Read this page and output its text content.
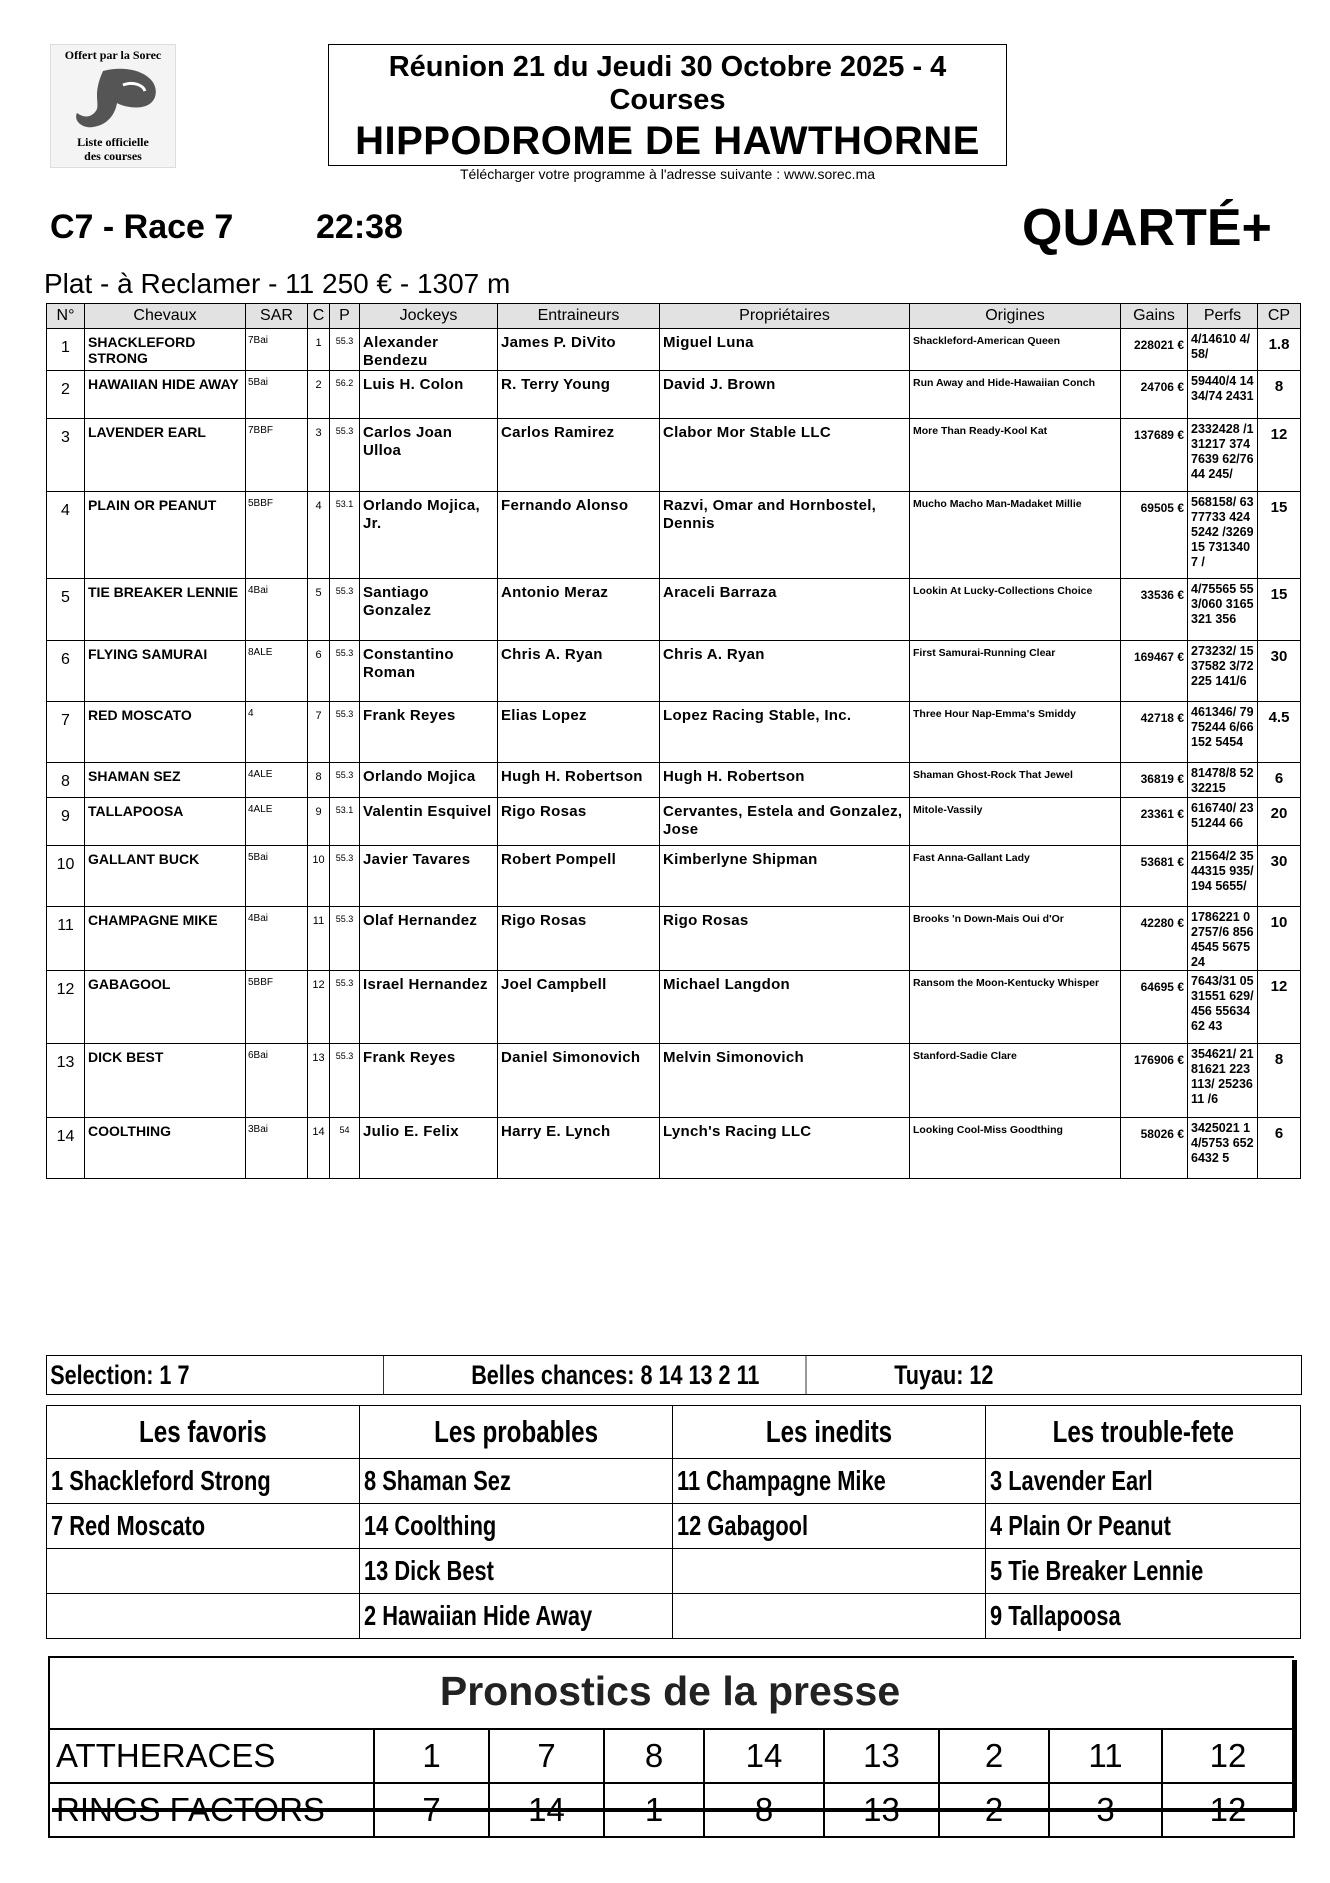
Offert par la Sorec
Liste officielle
des courses
Réunion 21 du Jeudi 30 Octobre 2025 - 4 Courses
HIPPODROME DE HAWTHORNE
Télécharger votre programme à l'adresse suivante : www.sorec.ma
C7 - Race 7 22:38	QUARTÉ+
Plat - à Reclamer - 11 250 € - 1307 m
N°	Chevaux	SAR	C	P	Jockeys	Entraineurs	Propriétaires	Origines	Gains	Perfs	CP
1	SHACKLEFORD STRONG	7Bai	1	55.3	Alexander Bendezu	James P. DiVito	Miguel Luna	Shackleford-American Queen	228021 €	4/14610 4/58/	1.8
2	HAWAIIAN HIDE AWAY	5Bai	2	56.2	Luis H. Colon	R. Terry Young	David J. Brown	Run Away and Hide-Hawaiian Conch	24706 €	59440/4 1434/74 2431	8
3	LAVENDER EARL	7BBF	3	55.3	Carlos Joan Ulloa	Carlos Ramirez	Clabor Mor Stable LLC	More Than Ready-Kool Kat	137689 €	2332428 /131217 3747639 62/7644 245/	12
4	PLAIN OR PEANUT	5BBF	4	53.1	Orlando Mojica, Jr.	Fernando Alonso	Razvi, Omar and Hornbostel, Dennis	Mucho Macho Man-Madaket Millie	69505 €	568158/ 6377733 4245242 /326915 7313407 /	15
5	TIE BREAKER LENNIE	4Bai	5	55.3	Santiago Gonzalez	Antonio Meraz	Araceli Barraza	Lookin At Lucky-Collections Choice	33536 €	4/75565 553/060 3165321 356	15
6	FLYING SAMURAI	8ALE	6	55.3	Constantino Roman	Chris A. Ryan	Chris A. Ryan	First Samurai-Running Clear	169467 €	273232/ 1537582 3/72225 141/6	30
7	RED MOSCATO	4	7	55.3	Frank Reyes	Elias Lopez	Lopez Racing Stable, Inc.	Three Hour Nap-Emma's Smiddy	42718 €	461346/ 7975244 6/66152 5454	4.5
8	SHAMAN SEZ	4ALE	8	55.3	Orlando Mojica	Hugh H. Robertson	Hugh H. Robertson	Shaman Ghost-Rock That Jewel	36819 €	81478/8 5232215	6
9	TALLAPOOSA	4ALE	9	53.1	Valentin Esquivel	Rigo Rosas	Cervantes, Estela and Gonzalez, Jose	Mitole-Vassily	23361 €	616740/ 2351244 66	20
10	GALLANT BUCK	5Bai	10	55.3	Javier Tavares	Robert Pompell	Kimberlyne Shipman	Fast Anna-Gallant Lady	53681 €	21564/2 3544315 935/194 5655/	30
11	CHAMPAGNE MIKE	4Bai	11	55.3	Olaf Hernandez	Rigo Rosas	Rigo Rosas	Brooks 'n Down-Mais Oui d'Or	42280 €	1786221 02757/6 8564545 567524	10
12	GABAGOOL	5BBF	12	55.3	Israel Hernandez	Joel Campbell	Michael Langdon	Ransom the Moon-Kentucky Whisper	64695 €	7643/31 0531551 629/456 5563462 43	12
13	DICK BEST	6Bai	13	55.3	Frank Reyes	Daniel Simonovich	Melvin Simonovich	Stanford-Sadie Clare	176906 €	354621/ 2181621 223113/ 2523611 /6	8
14	COOLTHING	3Bai	14	54	Julio E. Felix	Harry E. Lynch	Lynch's Racing LLC	Looking Cool-Miss Goodthing	58026 €	3425021 14/5753 6526432 5	6
Selection: 1 7	Belles chances: 8 14 13 2 11	Tuyau: 12
Les favoris	Les probables	Les inedits	Les trouble-fete
1 Shackleford Strong	8 Shaman Sez	11 Champagne Mike	3 Lavender Earl
7 Red Moscato	14 Coolthing	12 Gabagool	4 Plain Or Peanut
	13 Dick Best		5 Tie Breaker Lennie
	2 Hawaiian Hide Away		9 Tallapoosa
Pronostics de la presse
ATTHERACES	1	7	8	14	13	2	11	12
RINGS FACTORS	7	14	1	8	13	2	3	12
